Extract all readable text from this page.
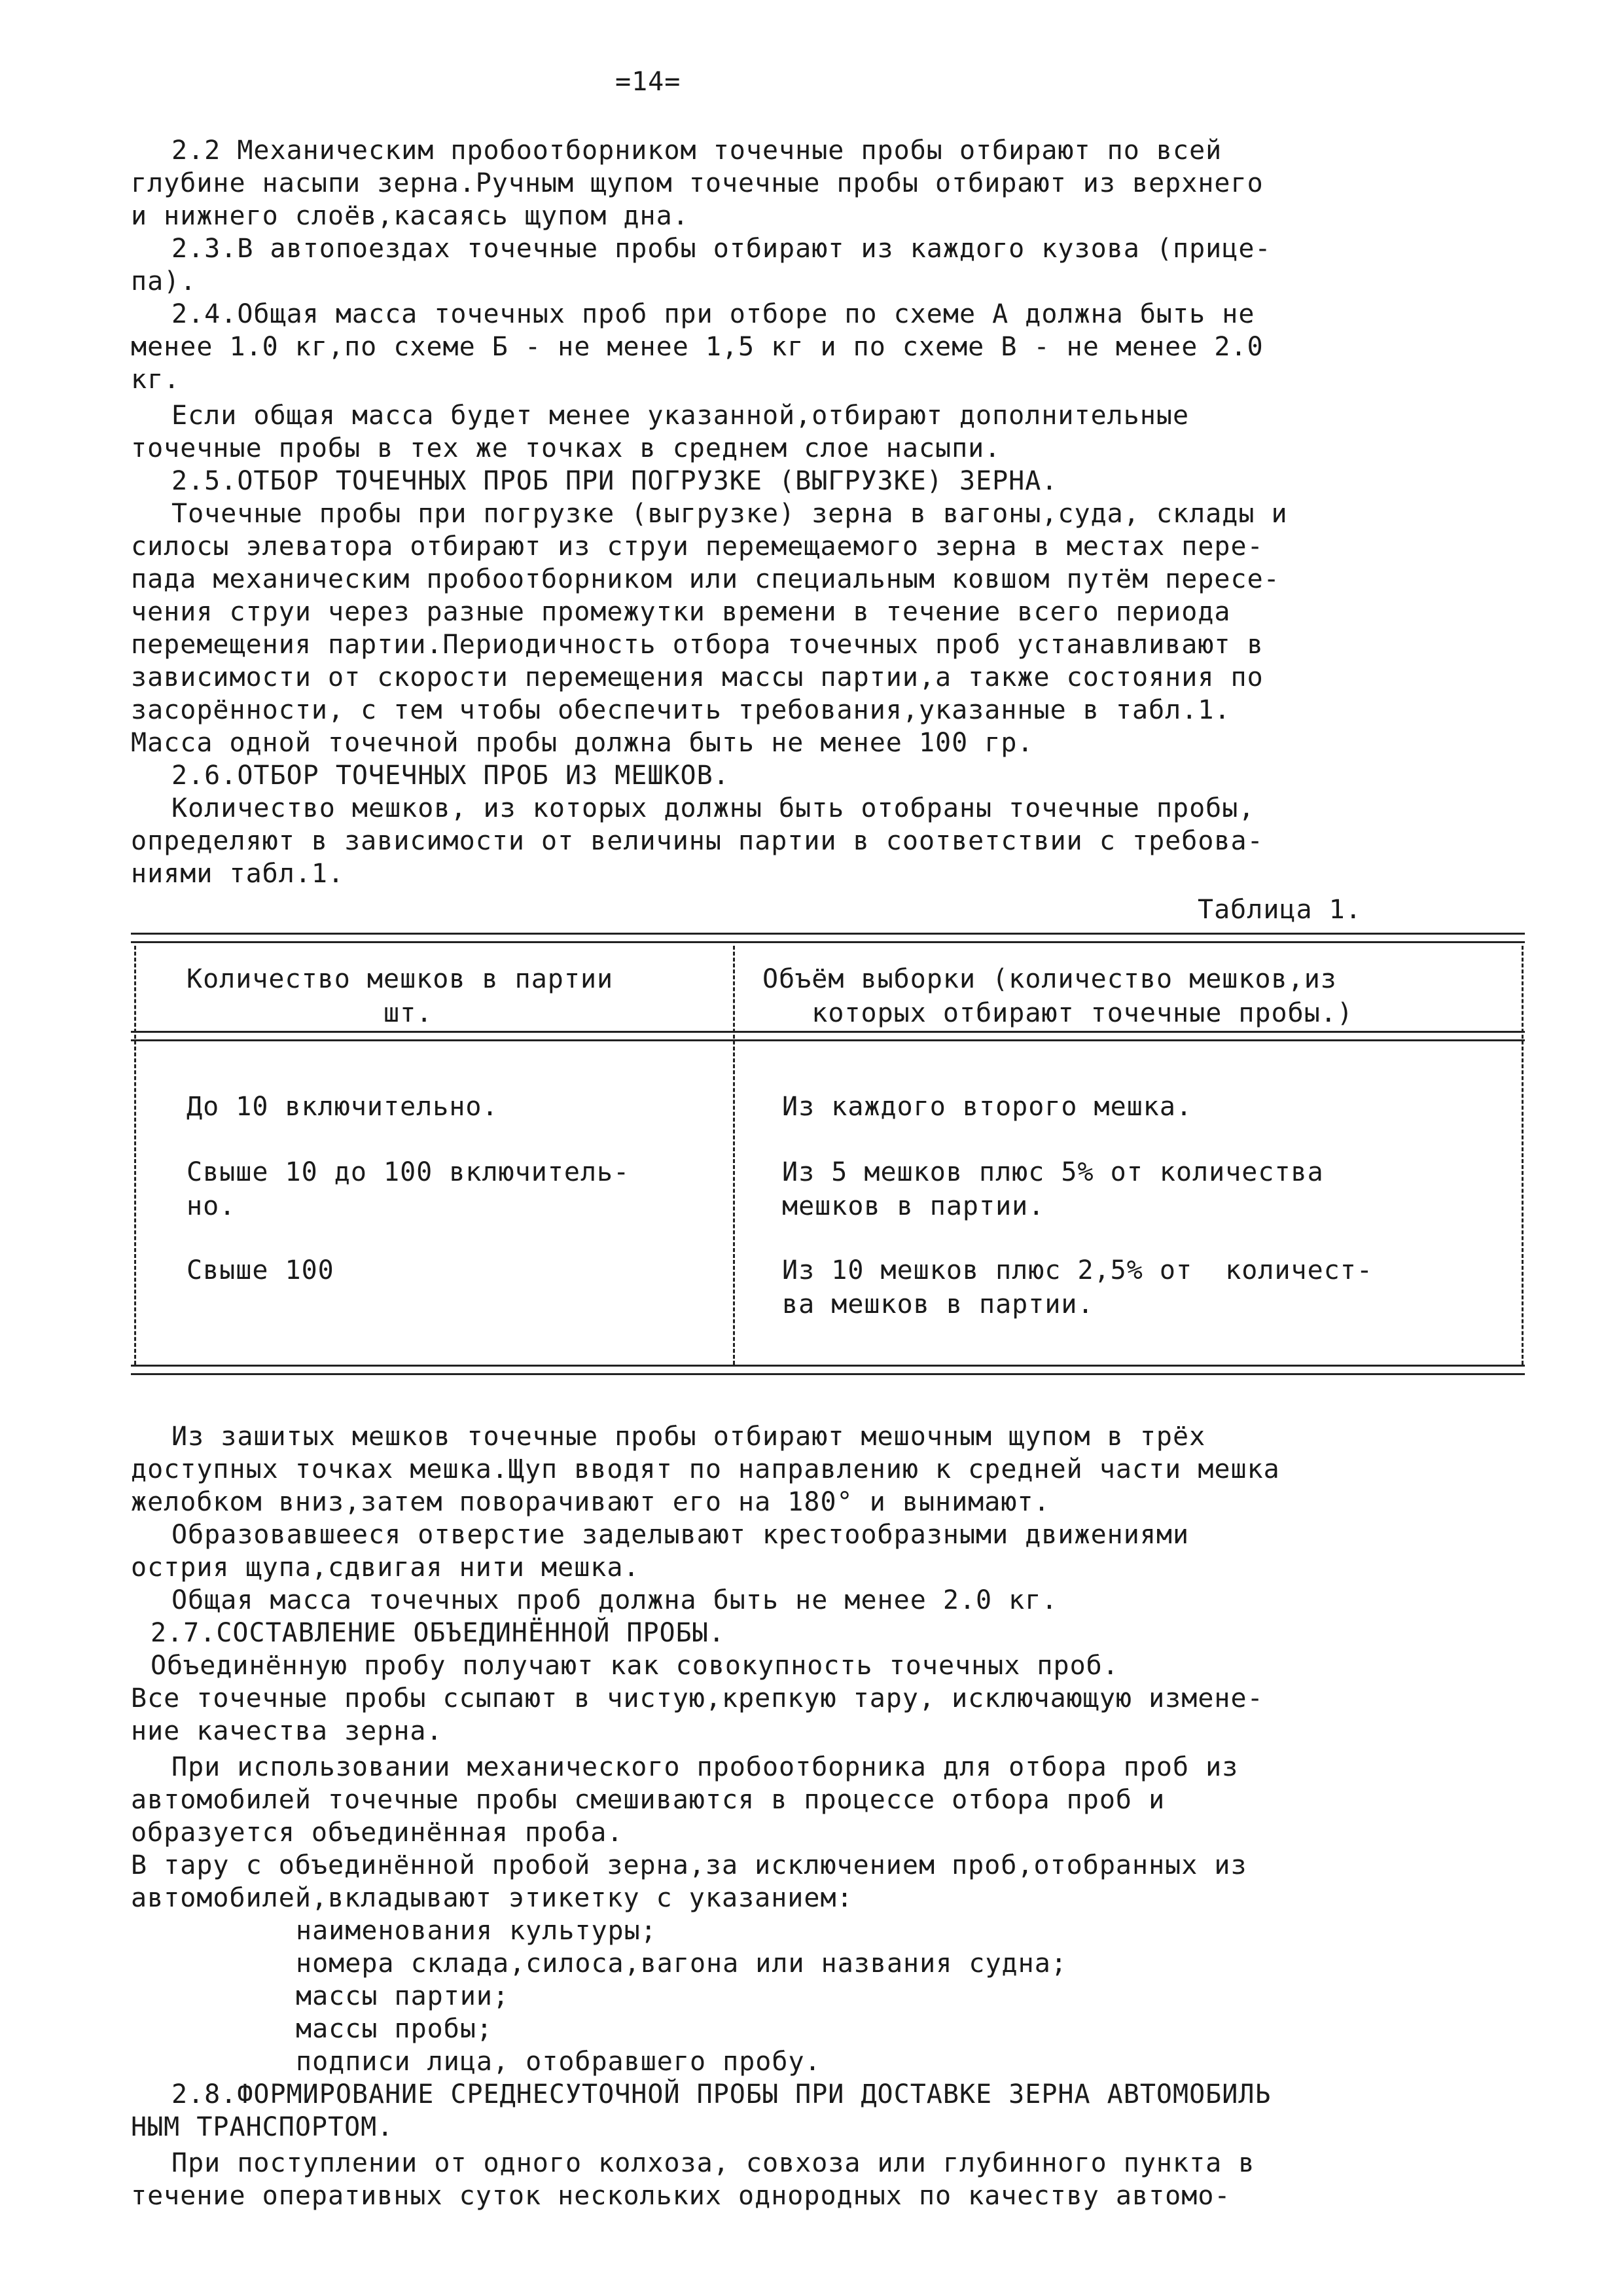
=14=
2.2 Механическим пробоотборником точечные пробы отбирают по всей
глубине насыпи зерна.Ручным щупом точечные пробы отбирают из верхнего
и нижнего слоёв,касаясь щупом дна.
2.3.В автопоездах точечные пробы отбирают из каждого кузова (прице-
па).
2.4.Общая масса точечных проб при отборе по схеме А должна быть не
менее 1.0 кг,по схеме Б - не менее 1,5 кг и по схеме В - не менее 2.0
кг.
Если общая масса будет менее указанной,отбирают дополнительные
точечные пробы в тех же точках в среднем слое насыпи.
2.5.ОТБОР ТОЧЕЧНЫХ ПРОБ ПРИ ПОГРУЗКЕ (ВЫГРУЗКЕ) ЗЕРНА.
Точечные пробы при погрузке (выгрузке) зерна в вагоны,суда, склады и
силосы элеватора отбирают из струи перемещаемого зерна в местах пере-
пада механическим пробоотборником или специальным ковшом путём пересе-
чения струи через разные промежутки времени в течение всего периода
перемещения партии.Периодичность отбора точечных проб устанавливают в
зависимости от скорости перемещения массы партии,а также состояния по
засорённости, с тем чтобы обеспечить требования,указанные в табл.1.
Масса одной точечной пробы должна быть не менее 100 гр.
2.6.ОТБОР ТОЧЕЧНЫХ ПРОБ ИЗ МЕШКОВ.
Количество мешков, из которых должны быть отобраны точечные пробы,
определяют в зависимости от величины партии в соответствии с требова-
ниями табл.1.
Таблица 1.
Количество мешков в партии
шт.
Объём выборки (количество мешков,из
которых отбирают точечные пробы.)
До 10 включительно.	Из каждого второго мешка.
Свыше 10 до 100 включитель-
но.
Из 5 мешков плюс 5% от количества
мешков в партии.
Свыше 100	Из 10 мешков плюс 2,5% от  количест-
ва мешков в партии.
Из зашитых мешков точечные пробы отбирают мешочным щупом в трёх
доступных точках мешка.Щуп вводят по направлению к средней части мешка
желобком вниз,затем поворачивают его на 180° и вынимают.
Образовавшееся отверстие заделывают крестообразными движениями
острия щупа,сдвигая нити мешка.
Общая масса точечных проб должна быть не менее 2.0 кг.
2.7.СОСТАВЛЕНИЕ ОБЪЕДИНЁННОЙ ПРОБЫ.
Объединённую пробу получают как совокупность точечных проб.
Все точечные пробы ссыпают в чистую,крепкую тару, исключающую измене-
ние качества зерна.
При использовании механического пробоотборника для отбора проб из
автомобилей точечные пробы смешиваются в процессе отбора проб и
образуется объединённая проба.
В тару с объединённой пробой зерна,за исключением проб,отобранных из
автомобилей,вкладывают этикетку с указанием:
наименования культуры;
номера склада,силоса,вагона или названия судна;
массы партии;
массы пробы;
подписи лица, отобравшего пробу.
2.8.ФОРМИРОВАНИЕ СРЕДНЕСУТОЧНОЙ ПРОБЫ ПРИ ДОСТАВКЕ ЗЕРНА АВТОМОБИЛЬ
НЫМ ТРАНСПОРТОМ.
При поступлении от одного колхоза, совхоза или глубинного пункта в
течение оперативных суток нескольких однородных по качеству автомо-
